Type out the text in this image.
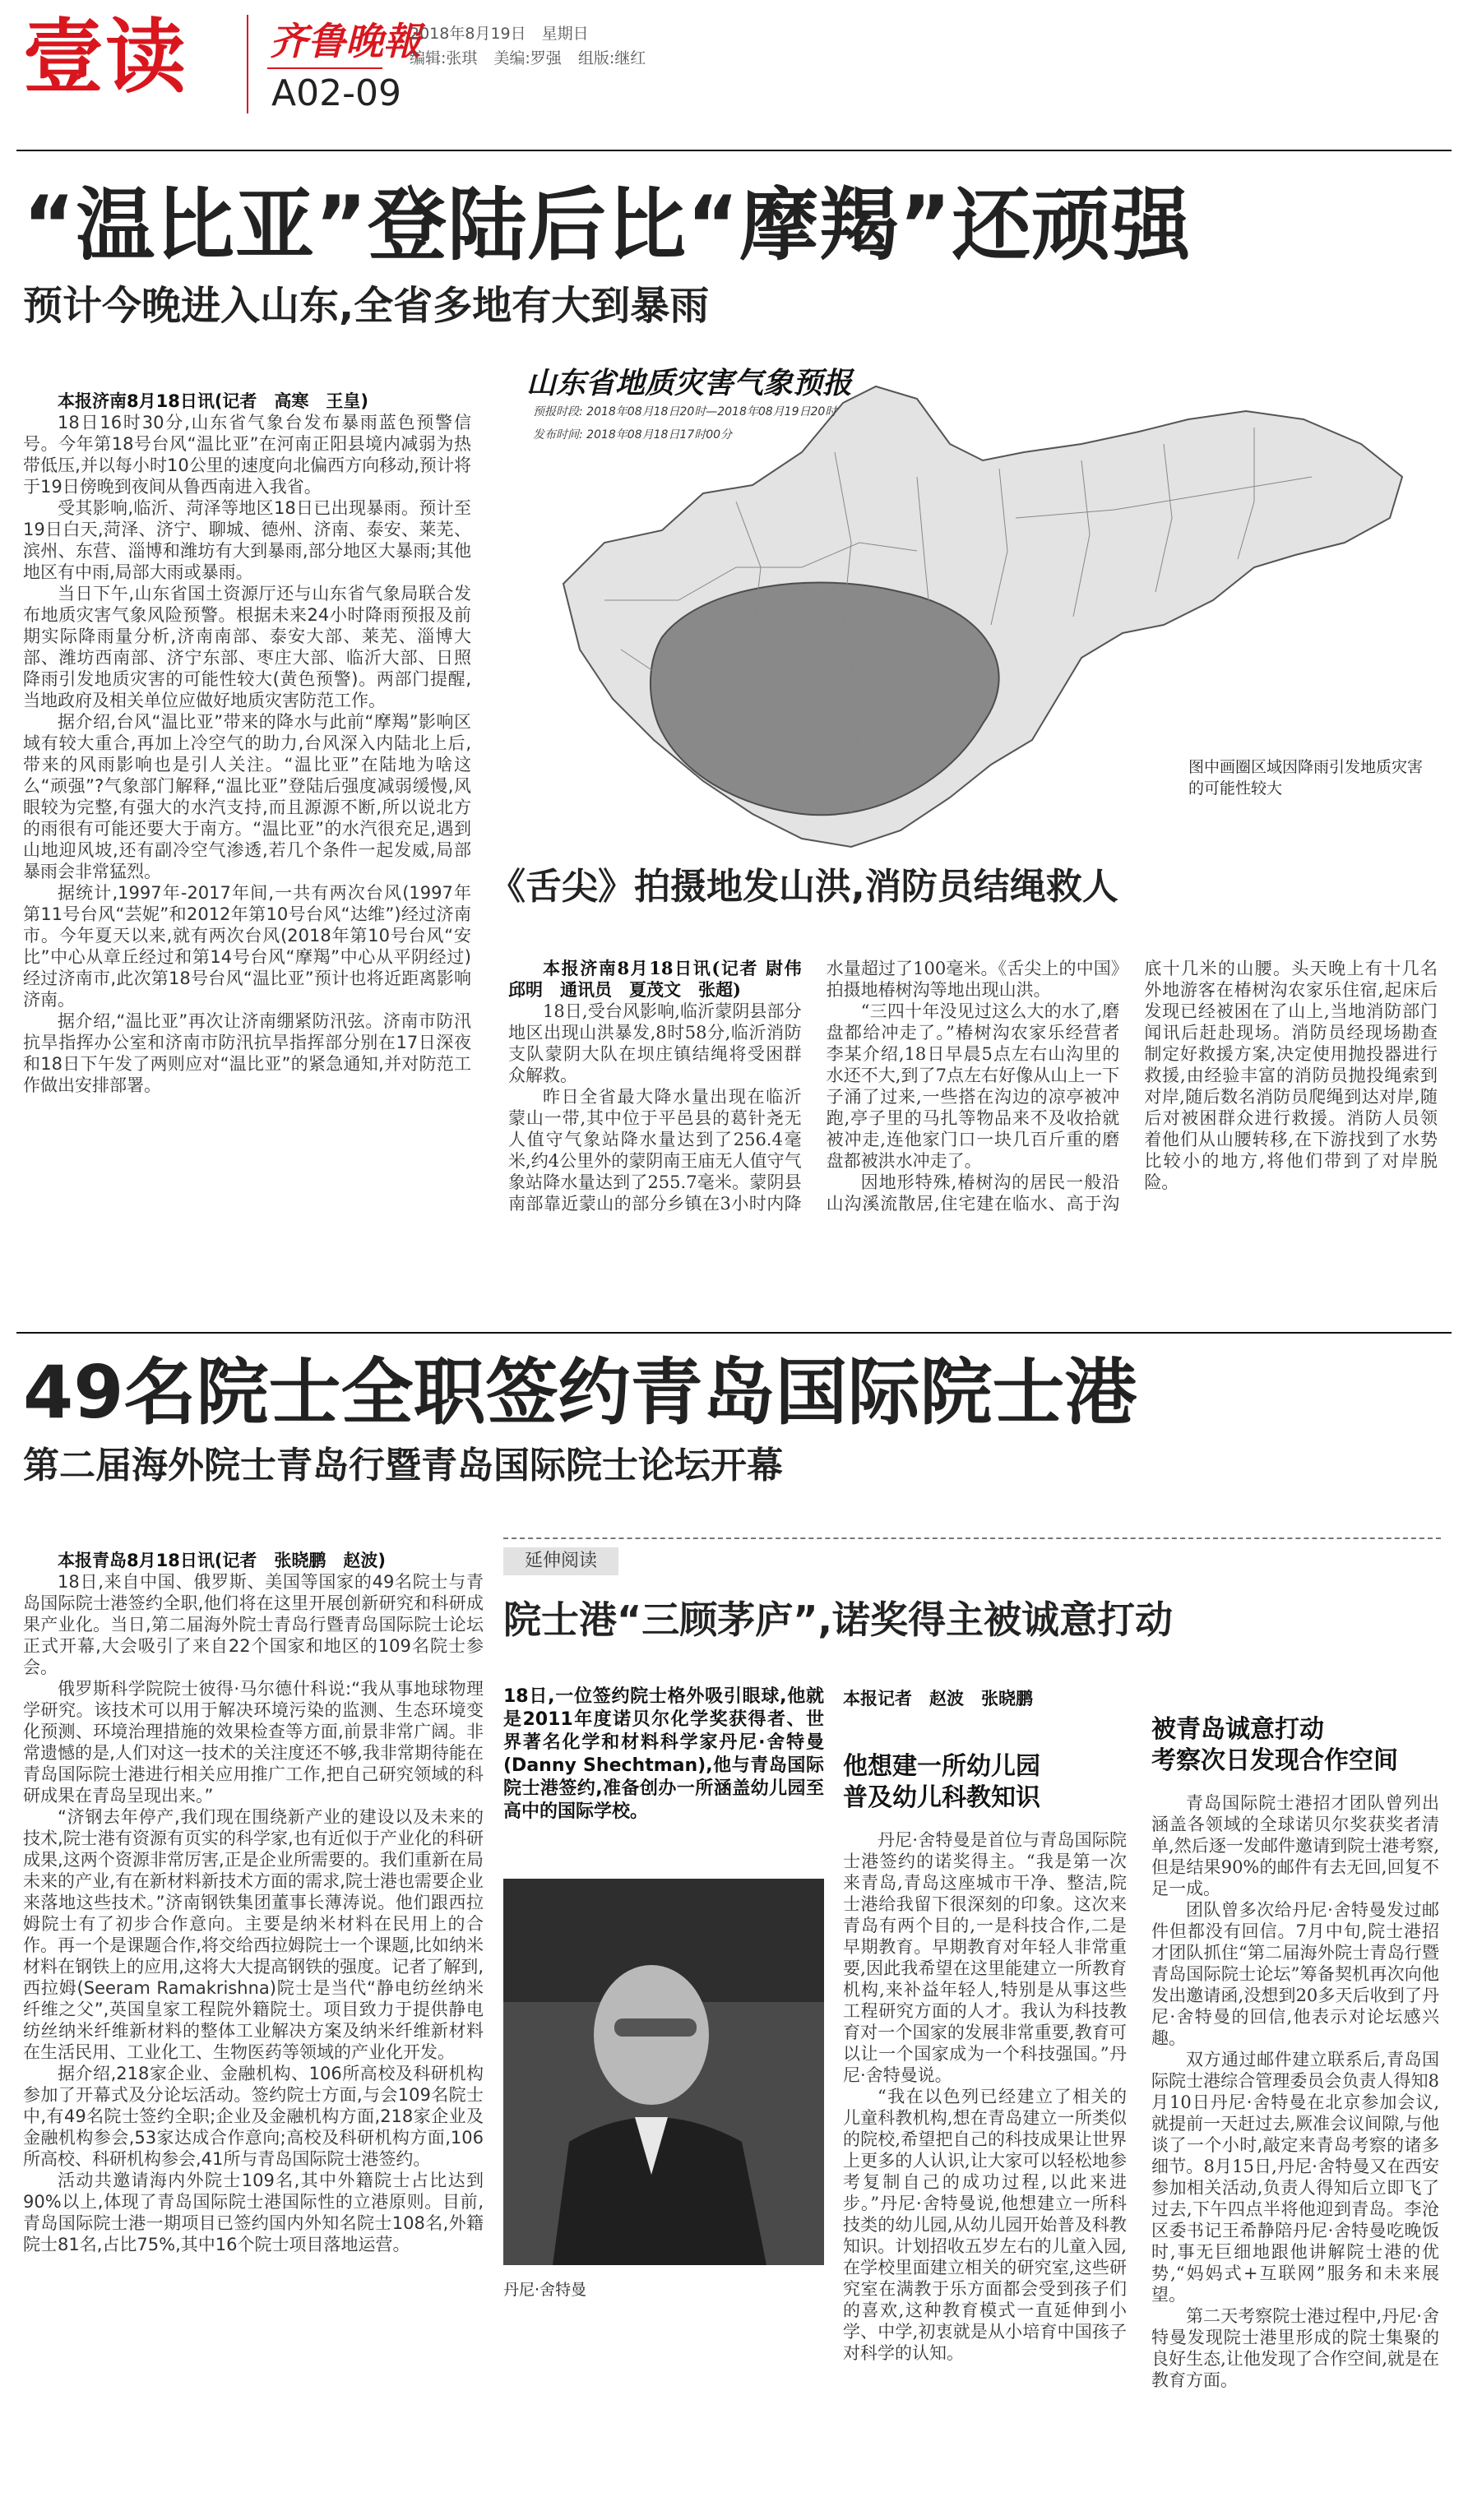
壹读 齐鲁晚報
A02-09
2018年8月19日　 星期日
编辑:张琪 美编:罗强 组版:继红
“温比亚”登陆后比“摩羯”还顽强
预计今晚进入山东,全省多地有大到暴雨

本报济南8月18日讯(记者　高寒　王皇)

18日16时30分,山东省气象台发布暴雨蓝色预警信号。今年第18号台风“温比亚”在河南正阳县境内减弱为热带低压,并以每小时10公里的速度向北偏西方向移动,预计将于19日傍晚到夜间从鲁西南进入我省。

受其影响,临沂、菏泽等地区18日已出现暴雨。预计至19日白天,菏泽、济宁、聊城、德州、济南、泰安、莱芜、滨州、东营、淄博和潍坊有大到暴雨,部分地区大暴雨;其他地区有中雨,局部大雨或暴雨。

当日下午,山东省国土资源厅还与山东省气象局联合发布地质灾害气象风险预警。根据未来24小时降雨预报及前期实际降雨量分析,济南南部、泰安大部、莱芜、淄博大部、潍坊西南部、济宁东部、枣庄大部、临沂大部、日照降雨引发地质灾害的可能性较大(黄色预警)。两部门提醒,当地政府及相关单位应做好地质灾害防范工作。

据介绍,台风“温比亚”带来的降水与此前“摩羯”影响区域有较大重合,再加上冷空气的助力,台风深入内陆北上后,带来的风雨影响也是引人关注。“温比亚”在陆地为啥这么“顽强”?气象部门解释,“温比亚”登陆后强度减弱缓慢,风眼较为完整,有强大的水汽支持,而且源源不断,所以说北方的雨很有可能还要大于南方。“温比亚”的水汽很充足,遇到山地迎风坡,还有副冷空气渗透,若几个条件一起发威,局部暴雨会非常猛烈。

据统计,1997年-2017年间,一共有两次台风(1997年第11号台风“芸妮”和2012年第10号台风“达维”)经过济南市。今年夏天以来,就有两次台风(2018年第10号台风“安比”中心从章丘经过和第14号台风“摩羯”中心从平阴经过)经过济南市,此次第18号台风“温比亚”预计也将近距离影响济南。

据介绍,“温比亚”再次让济南绷紧防汛弦。济南市防汛抗旱指挥办公室和济南市防汛抗旱指挥部分别在17日深夜和18日下午发了两则应对“温比亚”的紧急通知,并对防范工作做出安排部署。

山东省地质灾害气象预报
预报时段: 2018年08月18日20时—2018年08月19日20时
发布时间: 2018年08月18日17时00分
图中画圈区域因降雨引发地质灾害的可能性较大
《舌尖》拍摄地发山洪,消防员结绳救人

本报济南8月18日讯(记者 尉伟　邱明　通讯员　夏茂文　张超)

18日,受台风影响,临沂蒙阴县部分地区出现山洪暴发,8时58分,临沂消防支队蒙阴大队在坝庄镇结绳将受困群众解救。

昨日全省最大降水量出现在临沂蒙山一带,其中位于平邑县的葛针尧无人值守气象站降水量达到了256.4毫米,约4公里外的蒙阴南王庙无人值守气象站降水量达到了255.7毫米。蒙阴县南部靠近蒙山的部分乡镇在3小时内降水量超过了100毫米。《舌尖上的中国》拍摄地椿树沟等地出现山洪。

“三四十年没见过这么大的水了,磨盘都给冲走了。”椿树沟农家乐经营者李某介绍,18日早晨5点左右山沟里的水还不大,到了7点左右好像从山上一下子涌了过来,一些搭在沟边的凉亭被冲跑,亭子里的马扎等物品来不及收拾就被冲走,连他家门口一块几百斤重的磨盘都被洪水冲走了。

因地形特殊,椿树沟的居民一般沿山沟溪流散居,住宅建在临水、高于沟底十几米的山腰。头天晚上有十几名外地游客在椿树沟农家乐住宿,起床后发现已经被困在了山上,当地消防部门闻讯后赶赴现场。消防员经现场勘查制定好救援方案,决定使用抛投器进行救援,由经验丰富的消防员抛投绳索到对岸,随后数名消防员爬绳到达对岸,随后对被困群众进行救援。消防人员领着他们从山腰转移,在下游找到了水势比较小的地方,将他们带到了对岸脱险。

49名院士全职签约青岛国际院士港
第二届海外院士青岛行暨青岛国际院士论坛开幕

本报青岛8月18日讯(记者　张晓鹏　赵波)

18日,来自中国、俄罗斯、美国等国家的49名院士与青岛国际院士港签约全职,他们将在这里开展创新研究和科研成果产业化。当日,第二届海外院士青岛行暨青岛国际院士论坛正式开幕,大会吸引了来自22个国家和地区的109名院士参会。

俄罗斯科学院院士彼得·马尔德什科说:“我从事地球物理学研究。该技术可以用于解决环境污染的监测、生态环境变化预测、环境治理措施的效果检查等方面,前景非常广阔。非常遗憾的是,人们对这一技术的关注度还不够,我非常期待能在青岛国际院士港进行相关应用推广工作,把自己研究领域的科研成果在青岛呈现出来。”

“济钢去年停产,我们现在围绕新产业的建设以及未来的技术,院士港有资源有页实的科学家,也有近似于产业化的科研成果,这两个资源非常厉害,正是企业所需要的。我们重新在局未来的产业,有在新材料新技术方面的需求,院士港也需要企业来落地这些技术。”济南钢铁集团董事长薄涛说。他们跟西拉姆院士有了初步合作意向。主要是纳米材料在民用上的合作。再一个是课题合作,将交给西拉姆院士一个课题,比如纳米材料在钢铁上的应用,这将大大提高钢铁的强度。记者了解到,西拉姆(Seeram Ramakrishna)院士是当代“静电纺丝纳米纤维之父”,英国皇家工程院外籍院士。项目致力于提供静电纺丝纳米纤维新材料的整体工业解决方案及纳米纤维新材料在生活民用、工业化工、生物医药等领域的产业化开发。

据介绍,218家企业、金融机构、106所高校及科研机构参加了开幕式及分论坛活动。签约院士方面,与会109名院士中,有49名院士签约全职;企业及金融机构方面,218家企业及金融机构参会,53家达成合作意向;高校及科研机构方面,106所高校、科研机构参会,41所与青岛国际院士港签约。

活动共邀请海内外院士109名,其中外籍院士占比达到90%以上,体现了青岛国际院士港国际性的立港原则。目前,青岛国际院士港一期项目已签约国内外知名院士108名,外籍院士81名,占比75%,其中16个院士项目落地运营。

延伸阅读
院士港“三顾茅庐”,诺奖得主被诚意打动
18日,一位签约院士格外吸引眼球,他就是2011年度诺贝尔化学奖获得者、世界著名化学和材料科学家丹尼·舍特曼(Danny Shechtman),他与青岛国际院士港签约,准备创办一所涵盖幼儿园至高中的国际学校。
丹尼·舍特曼
本报记者　赵波　张晓鹏
他想建一所幼儿园
普及幼儿科教知识

丹尼·舍特曼是首位与青岛国际院士港签约的诺奖得主。“我是第一次来青岛,青岛这座城市干净、整洁,院士港给我留下很深刻的印象。这次来青岛有两个目的,一是科技合作,二是早期教育。早期教育对年轻人非常重要,因此我希望在这里能建立一所教育机构,来补益年轻人,特别是从事这些工程研究方面的人才。我认为科技教育对一个国家的发展非常重要,教育可以让一个国家成为一个科技强国。”丹尼·舍特曼说。

“我在以色列已经建立了相关的儿童科教机构,想在青岛建立一所类似的院校,希望把自己的科技成果让世界上更多的人认识,让大家可以轻松地参考复制自己的成功过程,以此来进步。”丹尼·舍特曼说,他想建立一所科技类的幼儿园,从幼儿园开始普及科教知识。计划招收五岁左右的儿童入园,在学校里面建立相关的研究室,这些研究室在满教于乐方面都会受到孩子们的喜欢,这种教育模式一直延伸到小学、中学,初衷就是从小培育中国孩子对科学的认知。

被青岛诚意打动
考察次日发现合作空间

青岛国际院士港招才团队曾列出涵盖各领域的全球诺贝尔奖获奖者清单,然后逐一发邮件邀请到院士港考察,但是结果90%的邮件有去无回,回复不足一成。

团队曾多次给丹尼·舍特曼发过邮件但都没有回信。7月中旬,院士港招才团队抓住“第二届海外院士青岛行暨青岛国际院士论坛”筹备契机再次向他发出邀请函,没想到20多天后收到了丹尼·舍特曼的回信,他表示对论坛感兴趣。

双方通过邮件建立联系后,青岛国际院士港综合管理委员会负责人得知8月10日丹尼·舍特曼在北京参加会议,就提前一天赶过去,厥准会议间隙,与他谈了一个小时,敲定来青岛考察的诸多细节。8月15日,丹尼·舍特曼又在西安参加相关活动,负责人得知后立即飞了过去,下午四点半将他迎到青岛。李沧区委书记王希静陪丹尼·舍特曼吃晚饭时,事无巨细地跟他讲解院士港的优势,“妈妈式+互联网”服务和未来展望。

第二天考察院士港过程中,丹尼·舍特曼发现院士港里形成的院士集聚的良好生态,让他发现了合作空间,就是在教育方面。
